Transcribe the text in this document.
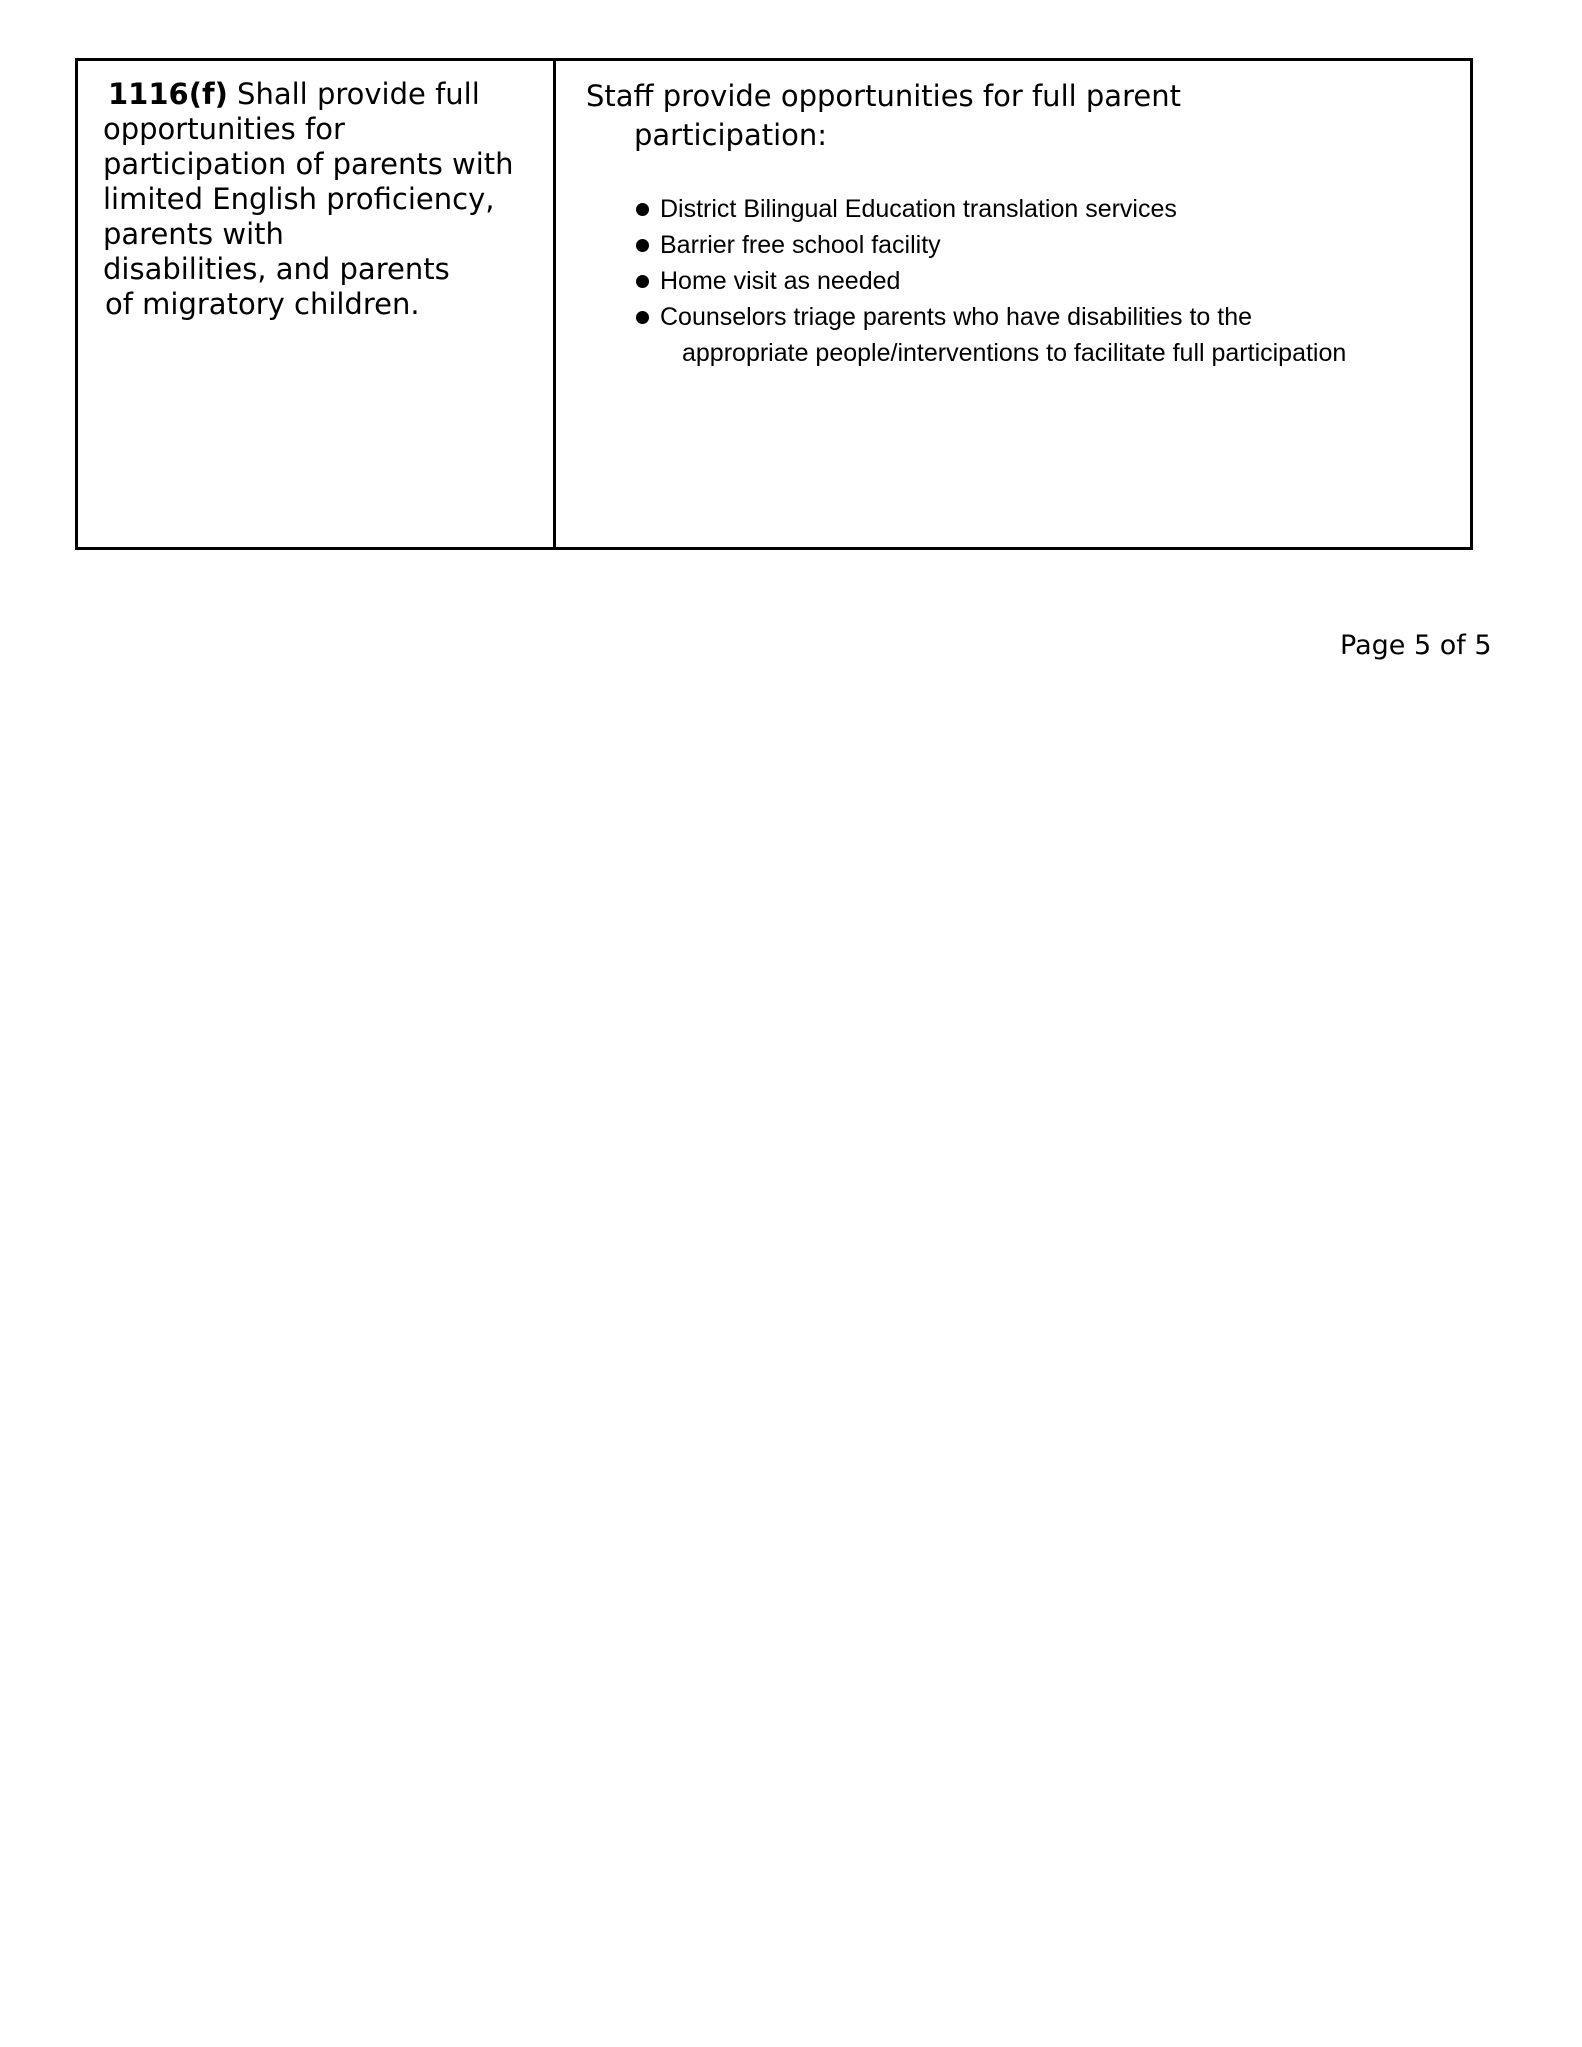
1116(f) Shall provide full
opportunities for
participation of parents with
limited English proficiency,
parents with
disabilities, and parents
of migratory children.

Staff provide opportunities for full parent
participation:

District Bilingual Education translation services
Barrier free school facility
Home visit as needed
Counselors triage parents who have disabilities to the
appropriate people/interventions to facilitate full participation
Page 5 of 5
